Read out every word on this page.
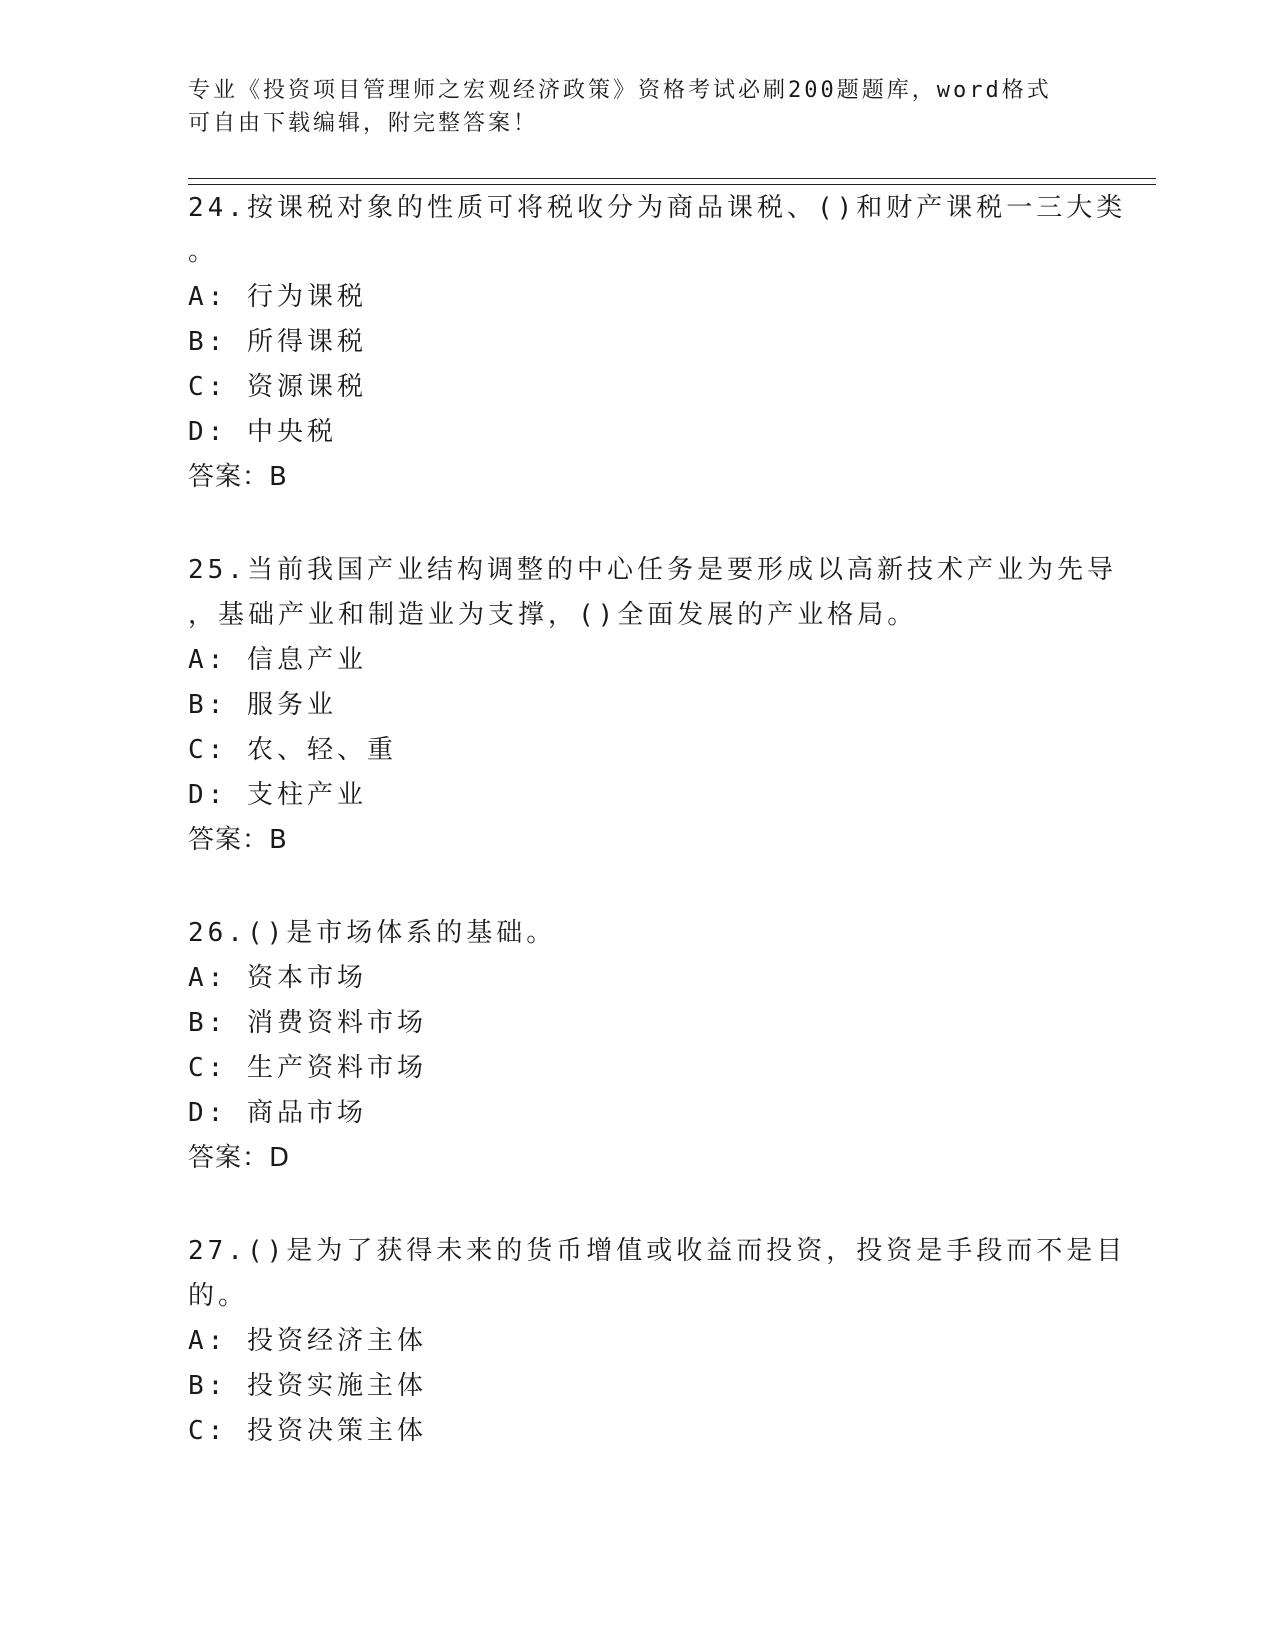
专业《投资项目管理师之宏观经济政策》资格考试必刷200题题库，word格式可自由下载编辑，附完整答案！

24.按课税对象的性质可将税收分为商品课税、()和财产课税一三大类
。
A: 行为课税
B: 所得课税
C: 资源课税
D: 中央税
答案：B
25.当前我国产业结构调整的中心任务是要形成以高新技术产业为先导
，基础产业和制造业为支撑，()全面发展的产业格局。
A: 信息产业
B: 服务业
C: 农、轻、重
D: 支柱产业
答案：B
26.()是市场体系的基础。
A: 资本市场
B: 消费资料市场
C: 生产资料市场
D: 商品市场
答案：D
27.()是为了获得未来的货币增值或收益而投资，投资是手段而不是目
的。
A: 投资经济主体
B: 投资实施主体
C: 投资决策主体
